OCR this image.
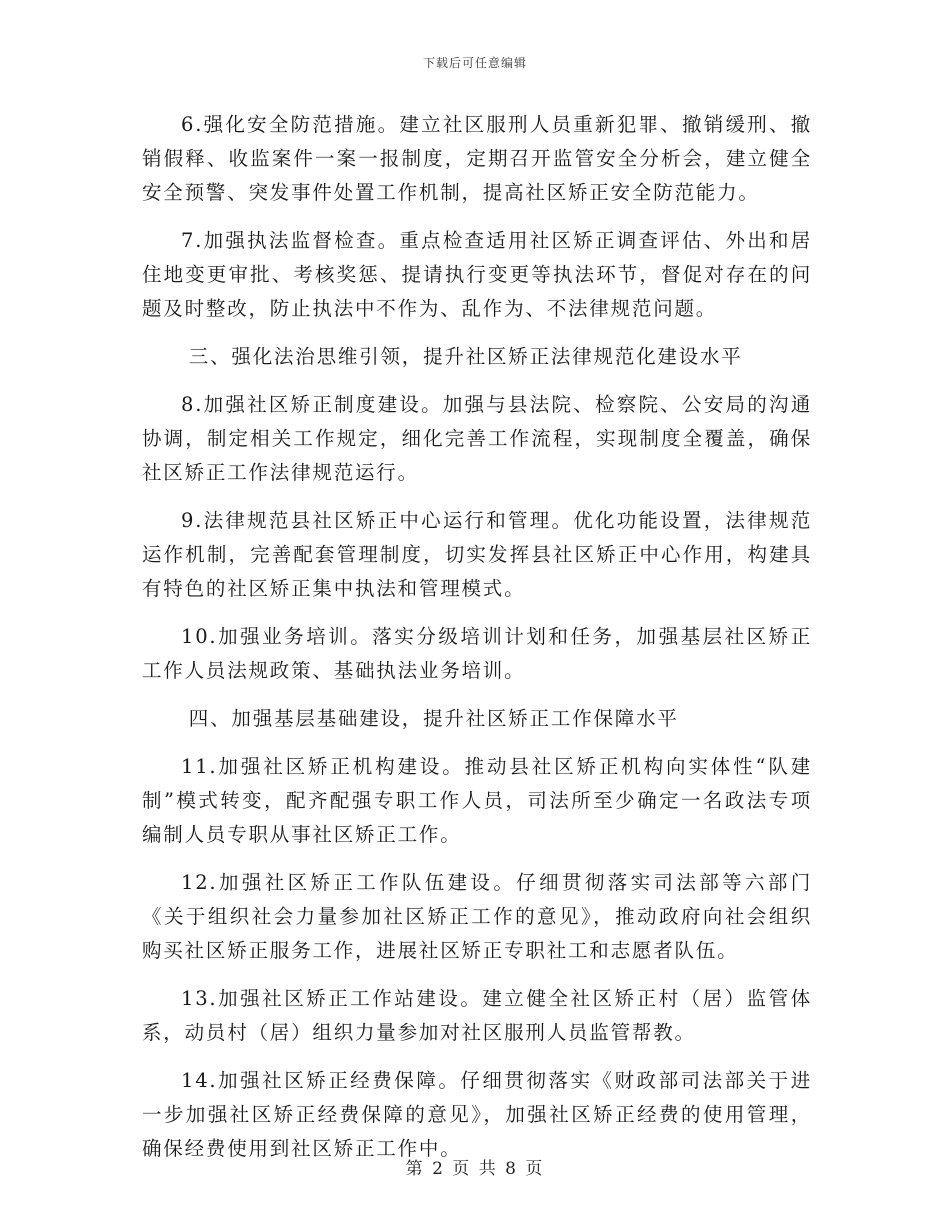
下载后可任意编辑

6.强化安全防范措施。建立社区服刑人员重新犯罪、撤销缓刑、撤销假释、收监案件一案一报制度，定期召开监管安全分析会，建立健全安全预警、突发事件处置工作机制，提高社区矫正安全防范能力。

7.加强执法监督检查。重点检查适用社区矫正调查评估、外出和居住地变更审批、考核奖惩、提请执行变更等执法环节，督促对存在的问题及时整改，防止执法中不作为、乱作为、不法律规范问题。

三、强化法治思维引领，提升社区矫正法律规范化建设水平

8.加强社区矫正制度建设。加强与县法院、检察院、公安局的沟通协调，制定相关工作规定，细化完善工作流程，实现制度全覆盖，确保社区矫正工作法律规范运行。

9.法律规范县社区矫正中心运行和管理。优化功能设置，法律规范运作机制，完善配套管理制度，切实发挥县社区矫正中心作用，构建具有特色的社区矫正集中执法和管理模式。

10.加强业务培训。落实分级培训计划和任务，加强基层社区矫正工作人员法规政策、基础执法业务培训。

四、加强基层基础建设，提升社区矫正工作保障水平

11.加强社区矫正机构建设。推动县社区矫正机构向实体性“队建制”模式转变，配齐配强专职工作人员，司法所至少确定一名政法专项编制人员专职从事社区矫正工作。

12.加强社区矫正工作队伍建设。仔细贯彻落实司法部等六部门《关于组织社会力量参加社区矫正工作的意见》，推动政府向社会组织购买社区矫正服务工作，进展社区矫正专职社工和志愿者队伍。

13.加强社区矫正工作站建设。建立健全社区矫正村（居）监管体系，动员村（居）组织力量参加对社区服刑人员监管帮教。

14.加强社区矫正经费保障。仔细贯彻落实《财政部司法部关于进一步加强社区矫正经费保障的意见》，加强社区矫正经费的使用管理，确保经费使用到社区矫正工作中。

第 2 页 共 8 页
